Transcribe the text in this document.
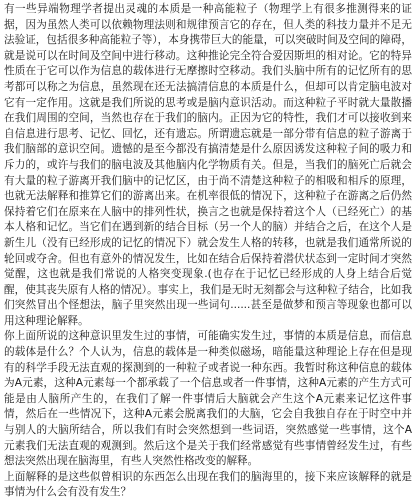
有一些异端物理学者提出灵魂的本质是一种高能粒子（物理学上有很多推测得来的证据，因为虽然人类可以依赖物理法则和规律预言它的存在，但人类的科技力量并不足无法验证，包括很多种高能粒子等），本身携带巨大的能量，可以突破时间及空间的障碍，就是说可以在时间及空间中进行移动。这种推论完全符合爱因斯坦的相对论。它的特异性质在于它可以作为信息的载体进行无摩擦时空移动。我们头脑中所有的记忆所有的思考都可以称之为信息，虽然现在还无法搞清信息的本质是什么，但却可以肯定脑电波对它有一定作用。这就是我们所说的思考或是脑内意识活动。而这种粒子平时就大量散播在我们周围的空间，当然也存在于我们的脑内。正因为它的特性，我们才可以接收到来自信息进行思考、记忆、回忆，还有遗忘。所谓遗忘就是一部分带有信息的粒子游离于我们脑部的意识空间。遗憾的是至今都没有搞清楚是什么原因诱发这种粒子间的吸力和斥力的，或许与我们的脑电波及其他脑内化学物质有关。但是，当我们的脑死亡后就会有大量的粒子游离开我们脑中的记忆区，由于尚不清楚这种粒子的相吸和相斥的原理，也就无法解释和推算它们的游离出来。在机率很低的情况下，这种粒子在游离之后仍然保持着它们在原来在人脑中的排列性状，换言之也就是保持着这个人（已经死亡）的基本人格和记忆。当它们在遇到新的结合目标（另一个人的脑）并结合之后，在这个人是新生儿（没有已经形成的记忆的情况下）就会发生人格的转移，也就是我们通常所说的轮回或夺舍。但也有意外的情况发生，比如在结合后保持着潜伏状态到一定时间才突然觉醒，这也就是我们常说的人格突变现象.(也存在于记忆已经形成的人身上结合后觉醒，使其丧失原有人格的情况）。事实上，我们是无时无刻都会与这种粒子结合，比如我们突然冒出个怪想法，脑子里突然出现一些词句......甚至是做梦和预言等现象也都可以用这种理论解释。

你上面所说的这种意识里发生过的事情，可能确实发生过，事情的本质是信息，而信息的载体是什么？个人认为，信息的载体是一种类似磁场，暗能量这种理论上存在但是现有的科学手段无法直观的探测到的一种粒子或者说一种东西。我暂时称这种信息的载体为A元素，这种A元素每一个都承载了一个信息或者一件事情，这种A元素的产生方式可能是由人脑所产生的，在我们了解一件事情后大脑就会产生这个A元素来记忆这件事情，然后在一些情况下，这种A元素会脱离我们的大脑，它会自我独自存在于时空中并与别人的大脑所结合，所以我们有时会突然想到一些词语，突然感觉一些事情，这个A元素我们无法直观的观测到。然后这个是关于我们经常感觉有些事情曾经发生过，有些想法突然出现在脑海里，有些人突然性格改变的解释。

上面解释的是这些似曾相识的东西怎么出现在我们的脑海里的，接下来应该解释的就是事情为什么会有没有发生？
